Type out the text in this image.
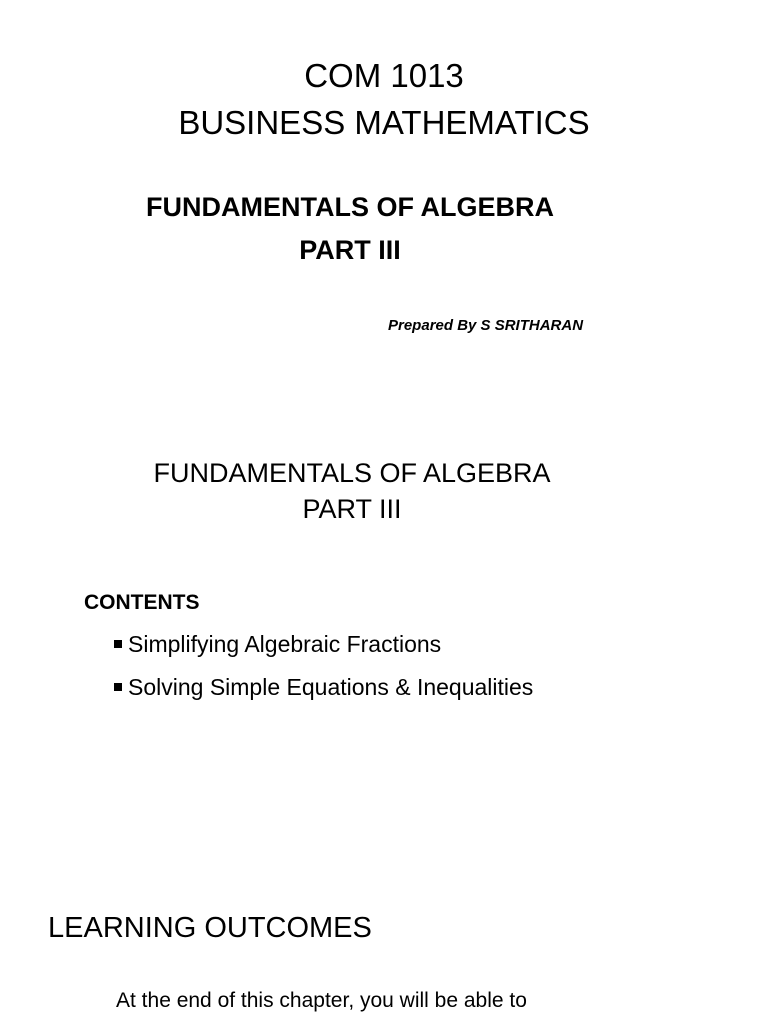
COM 1013
BUSINESS MATHEMATICS
FUNDAMENTALS OF ALGEBRA
PART III
Prepared By S SRITHARAN
FUNDAMENTALS OF ALGEBRA
PART III
CONTENTS
Simplifying Algebraic Fractions
Solving Simple Equations & Inequalities
LEARNING OUTCOMES
At the end of this chapter, you will be able to
